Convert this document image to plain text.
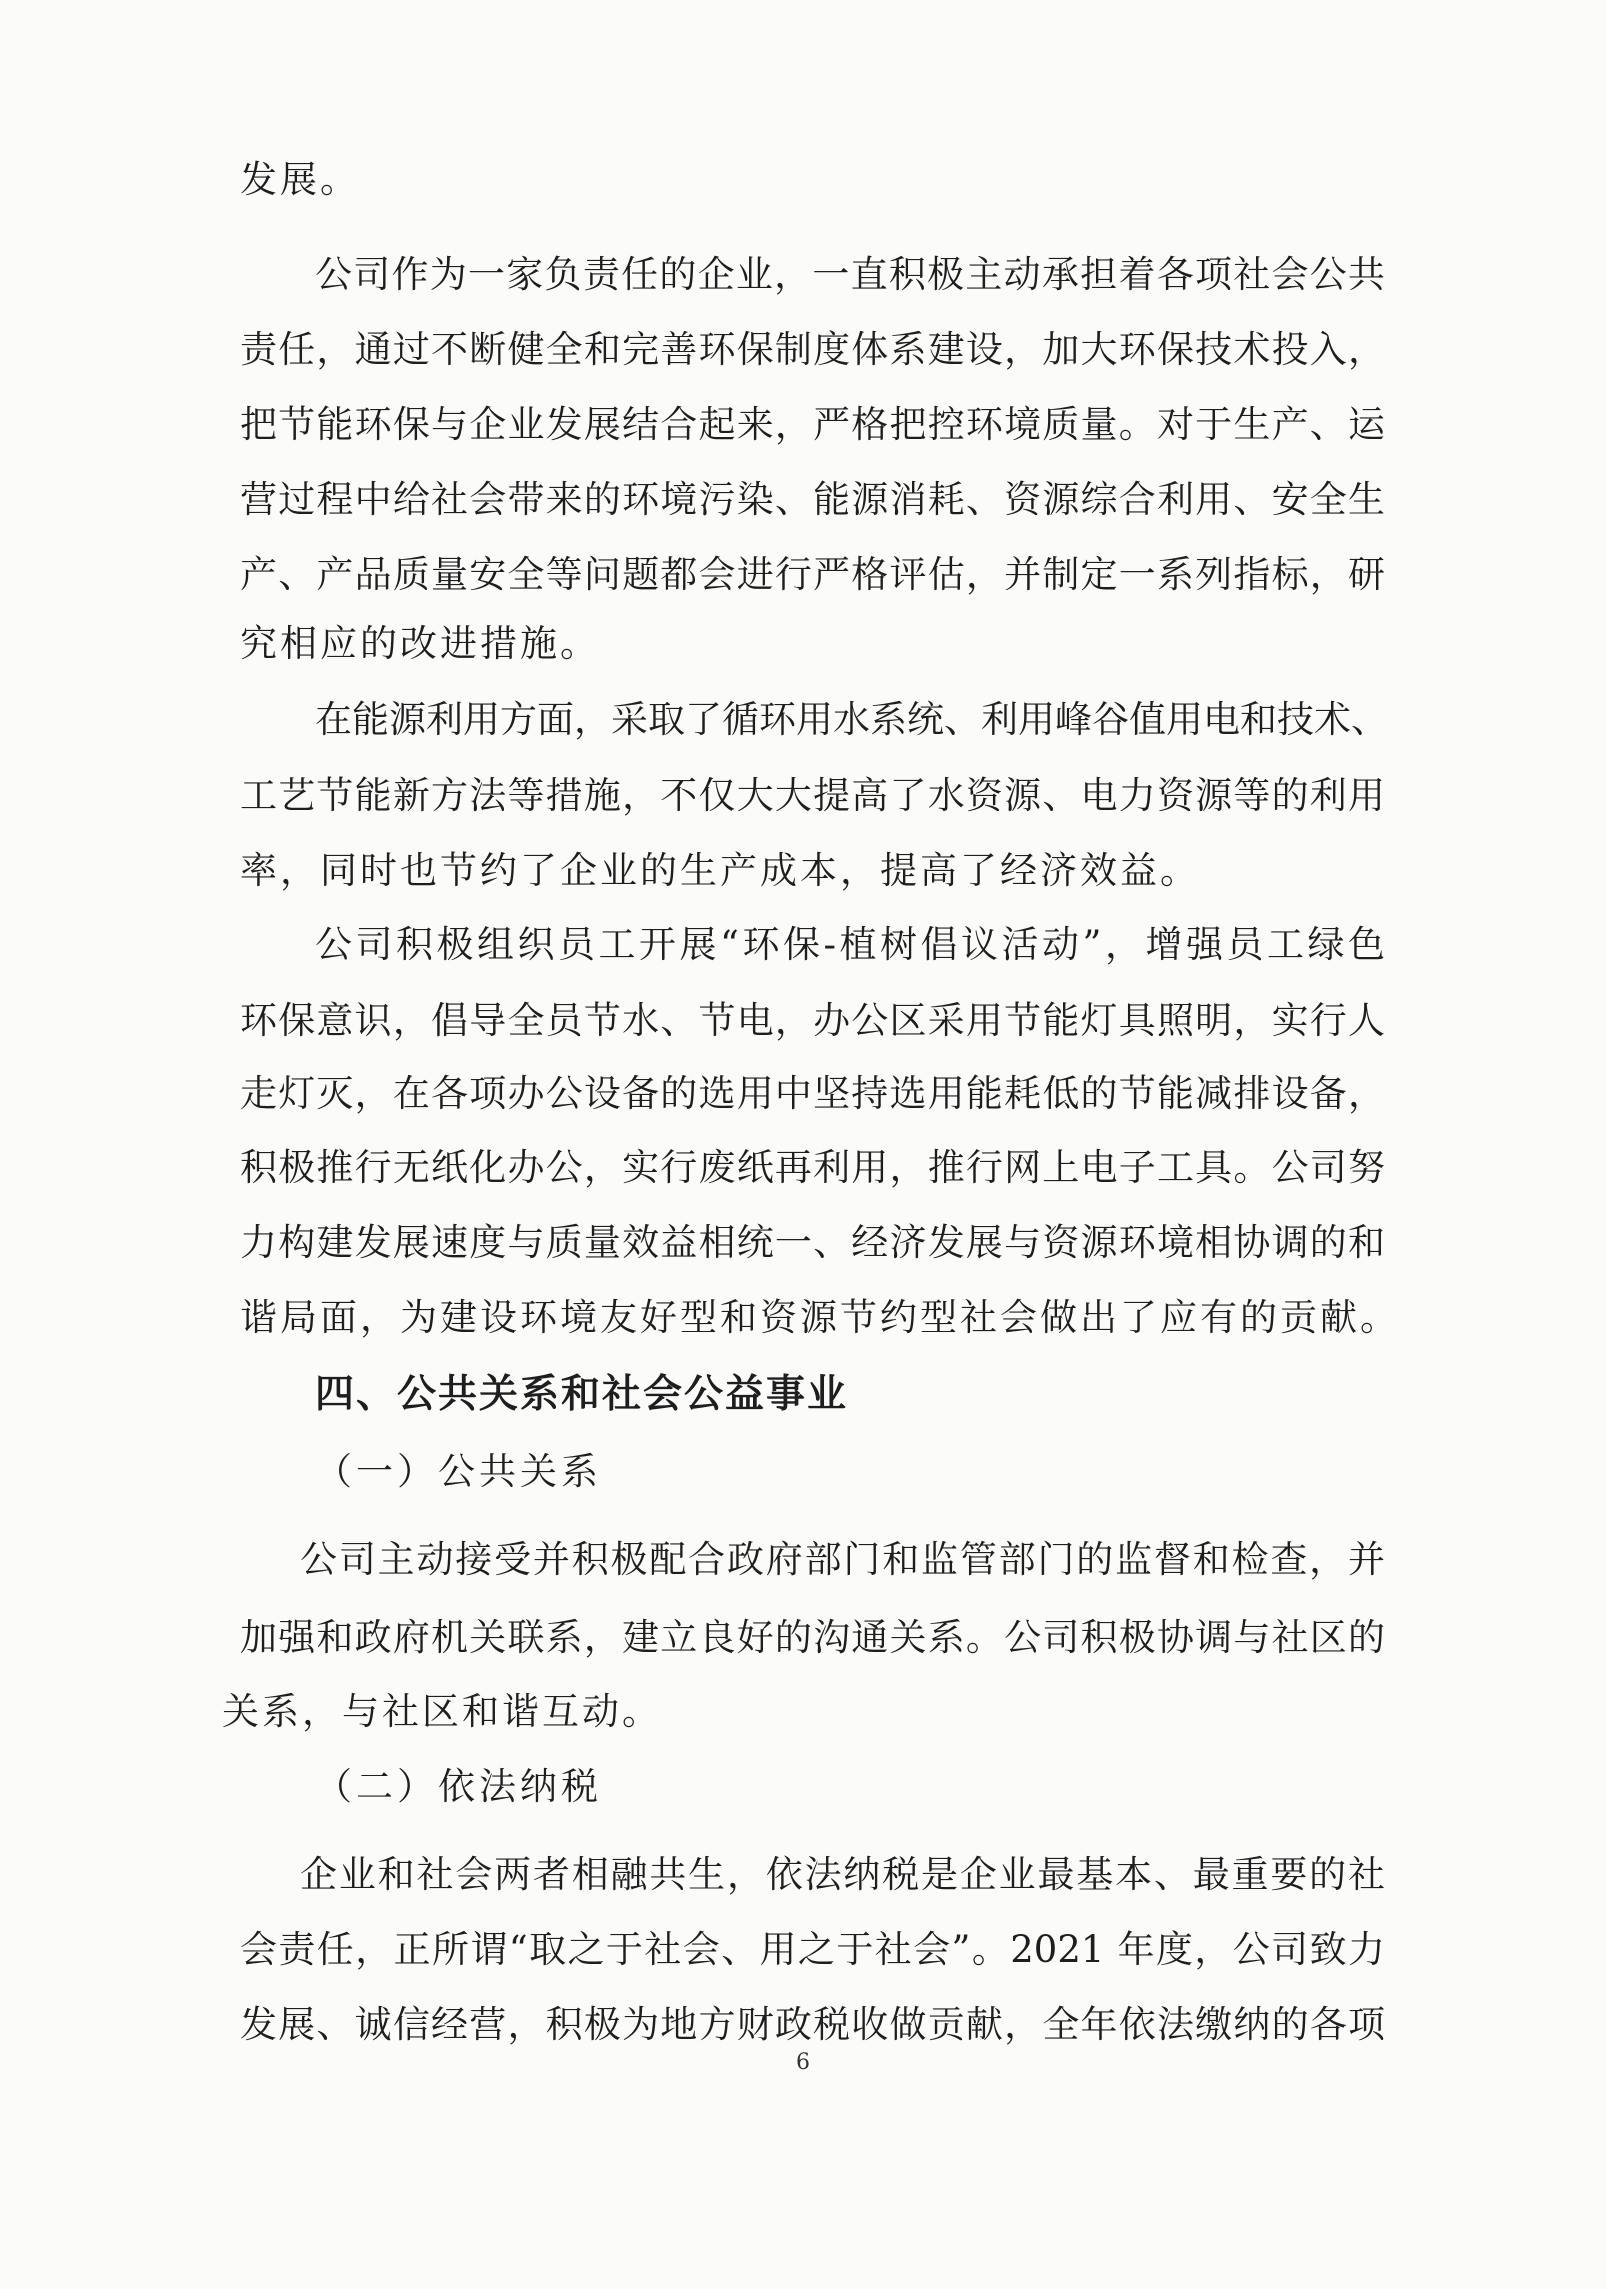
发展。
公司作为一家负责任的企业，一直积极主动承担着各项社会公共
责任，通过不断健全和完善环保制度体系建设，加大环保技术投入，
把节能环保与企业发展结合起来，严格把控环境质量。对于生产、运
营过程中给社会带来的环境污染、能源消耗、资源综合利用、安全生
产、产品质量安全等问题都会进行严格评估，并制定一系列指标，研
究相应的改进措施。
在能源利用方面，采取了循环用水系统、利用峰谷值用电和技术、
工艺节能新方法等措施，不仅大大提高了水资源、电力资源等的利用
率，同时也节约了企业的生产成本，提高了经济效益。
公司积极组织员工开展“环保-植树倡议活动”，增强员工绿色
环保意识，倡导全员节水、节电，办公区采用节能灯具照明，实行人
走灯灭，在各项办公设备的选用中坚持选用能耗低的节能减排设备，
积极推行无纸化办公，实行废纸再利用，推行网上电子工具。公司努
力构建发展速度与质量效益相统一、经济发展与资源环境相协调的和
谐局面，为建设环境友好型和资源节约型社会做出了应有的贡献。
四、公共关系和社会公益事业
（一）公共关系
公司主动接受并积极配合政府部门和监管部门的监督和检查，并
加强和政府机关联系，建立良好的沟通关系。公司积极协调与社区的
关系，与社区和谐互动。
（二）依法纳税
企业和社会两者相融共生，依法纳税是企业最基本、最重要的社
会责任，正所谓“取之于社会、用之于社会”。2021 年度，公司致力
发展、诚信经营，积极为地方财政税收做贡献，全年依法缴纳的各项
6
